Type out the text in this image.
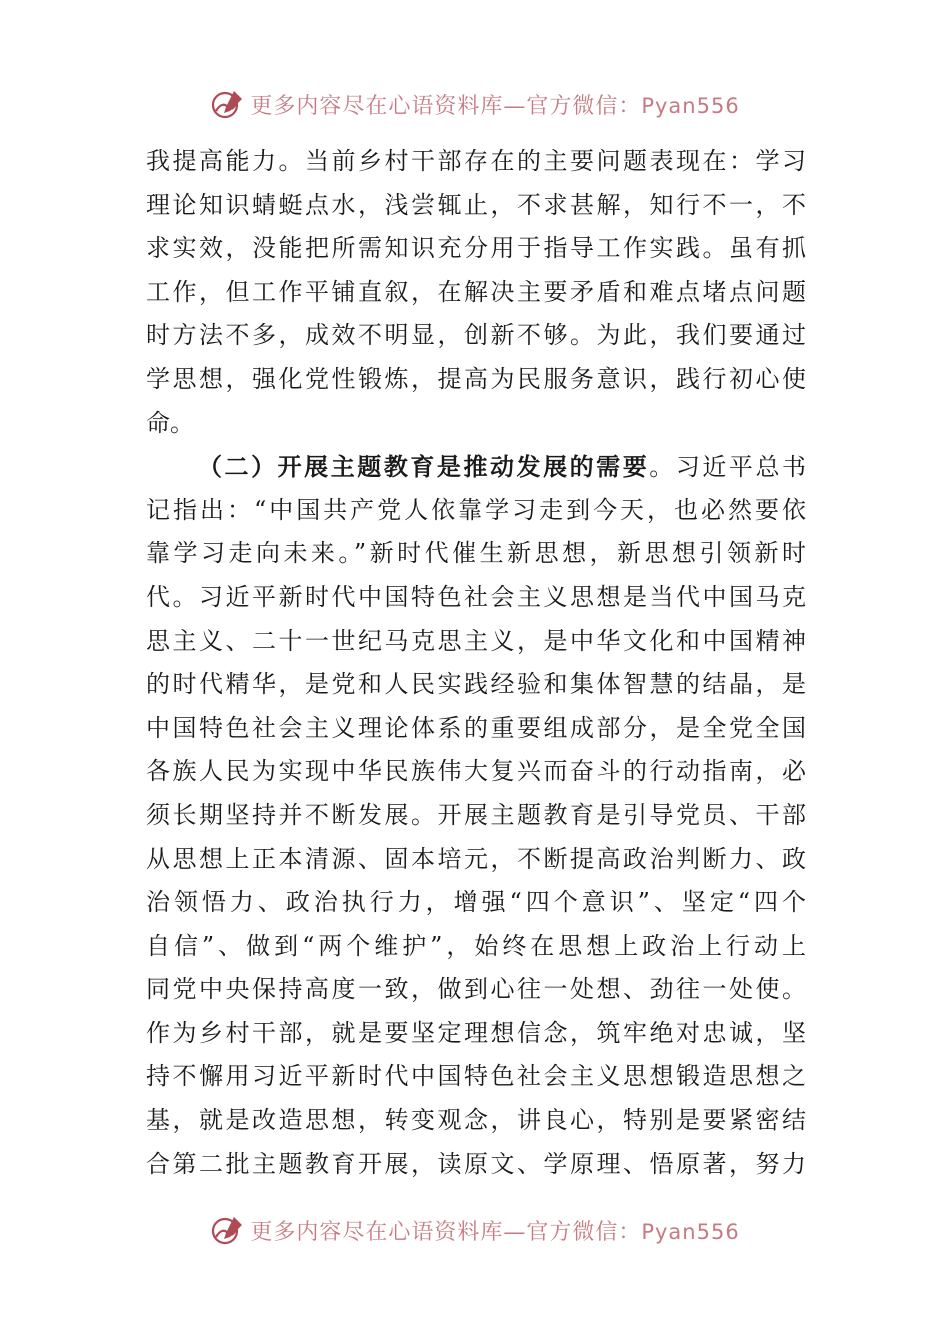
更多内容尽在心语资料库—官方微信：Pyan556
我提高能力。当前乡村干部存在的主要问题表现在：学习
理论知识蜻蜓点水，浅尝辄止，不求甚解，知行不一，不
求实效，没能把所需知识充分用于指导工作实践。虽有抓
工作，但工作平铺直叙，在解决主要矛盾和难点堵点问题
时方法不多，成效不明显，创新不够。为此，我们要通过
学思想，强化党性锻炼，提高为民服务意识，践行初心使
命。
（二）开展主题教育是推动发展的需要。习近平总书
记指出：“中国共产党人依靠学习走到今天，也必然要依
靠学习走向未来。”新时代催生新思想，新思想引领新时
代。习近平新时代中国特色社会主义思想是当代中国马克
思主义、二十一世纪马克思主义，是中华文化和中国精神
的时代精华，是党和人民实践经验和集体智慧的结晶，是
中国特色社会主义理论体系的重要组成部分，是全党全国
各族人民为实现中华民族伟大复兴而奋斗的行动指南，必
须长期坚持并不断发展。开展主题教育是引导党员、干部
从思想上正本清源、固本培元，不断提高政治判断力、政
治领悟力、政治执行力，增强“四个意识”、坚定“四个
自信”、做到“两个维护”，始终在思想上政治上行动上
同党中央保持高度一致，做到心往一处想、劲往一处使。
作为乡村干部，就是要坚定理想信念，筑牢绝对忠诚，坚
持不懈用习近平新时代中国特色社会主义思想锻造思想之
基，就是改造思想，转变观念，讲良心，特别是要紧密结
合第二批主题教育开展，读原文、学原理、悟原著，努力
更多内容尽在心语资料库—官方微信：Pyan556
